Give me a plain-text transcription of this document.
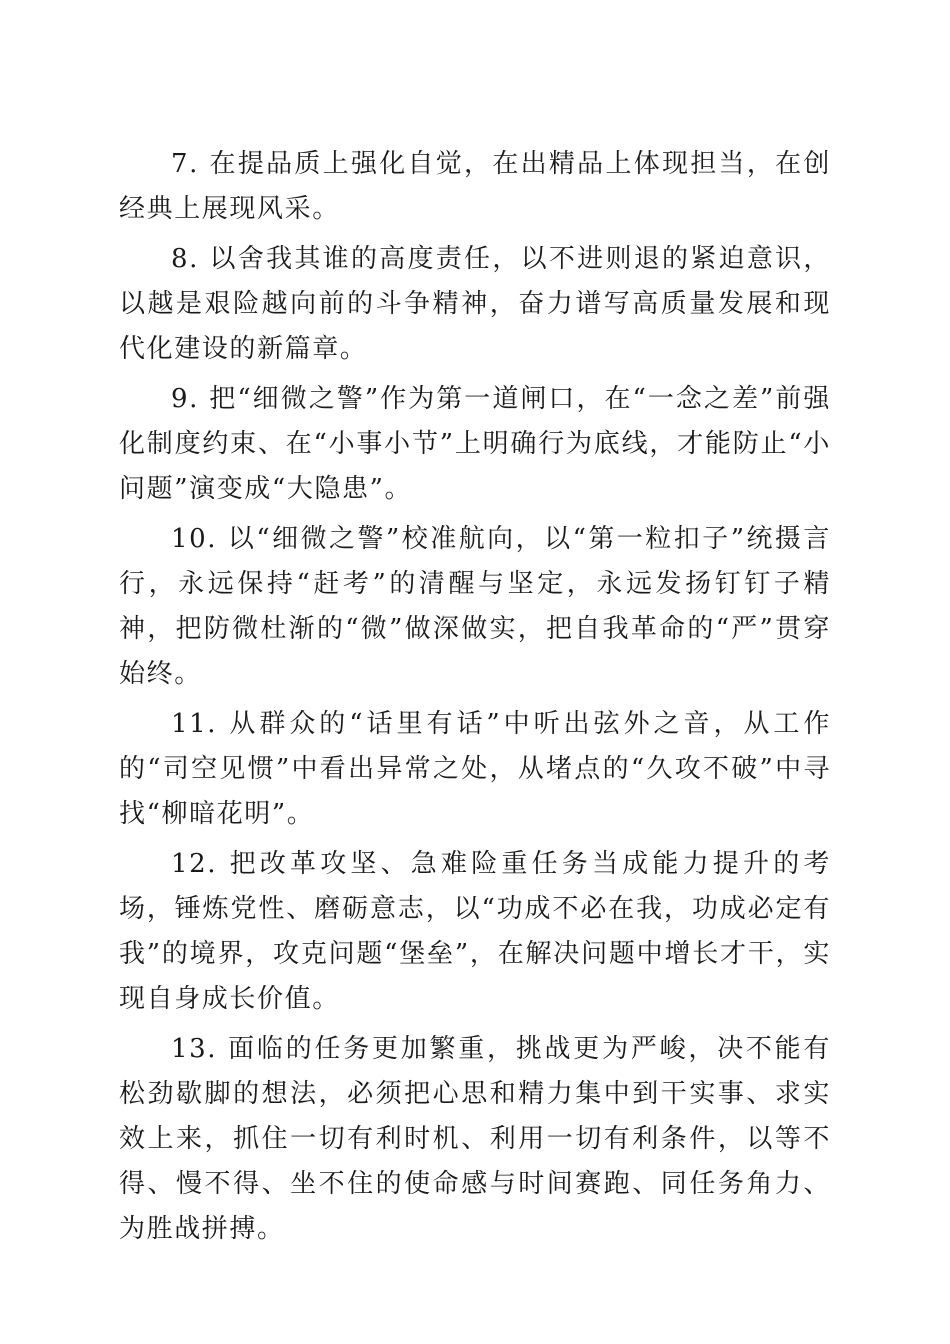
7. 在提品质上强化自觉，在出精品上体现担当，在创经典上展现风采。

8. 以舍我其谁的高度责任，以不进则退的紧迫意识，以越是艰险越向前的斗争精神，奋力谱写高质量发展和现代化建设的新篇章。

9. 把“细微之警”作为第一道闸口，在“一念之差”前强化制度约束、在“小事小节”上明确行为底线，才能防止“小问题”演变成“大隐患”。

10. 以“细微之警”校准航向，以“第一粒扣子”统摄言行，永远保持“赶考”的清醒与坚定，永远发扬钉钉子精神，把防微杜渐的“微”做深做实，把自我革命的“严”贯穿始终。

11. 从群众的“话里有话”中听出弦外之音，从工作的“司空见惯”中看出异常之处，从堵点的“久攻不破”中寻找“柳暗花明”。

12. 把改革攻坚、急难险重任务当成能力提升的考场，锤炼党性、磨砺意志，以“功成不必在我，功成必定有我”的境界，攻克问题“堡垒”，在解决问题中增长才干，实现自身成长价值。

13. 面临的任务更加繁重，挑战更为严峻，决不能有松劲歇脚的想法，必须把心思和精力集中到干实事、求实效上来，抓住一切有利时机、利用一切有利条件，以等不得、慢不得、坐不住的使命感与时间赛跑、同任务角力、为胜战拼搏。
